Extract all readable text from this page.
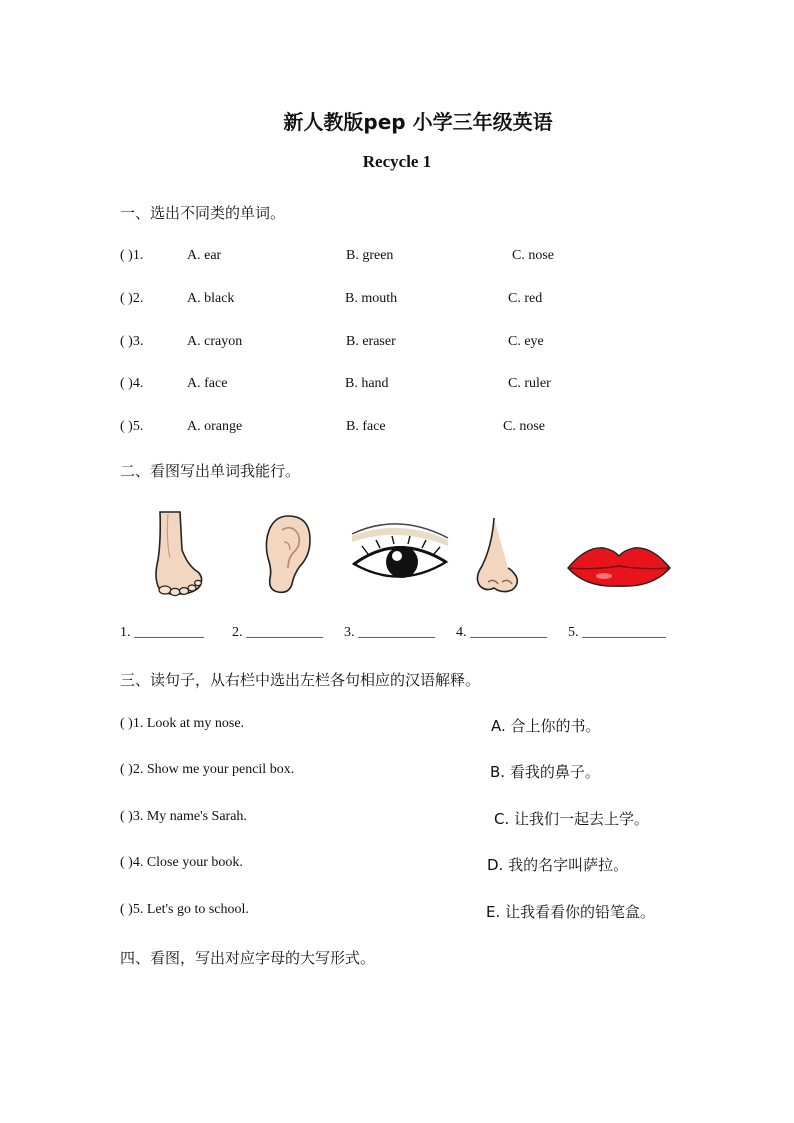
新人教版pep 小学三年级英语
Recycle 1
一、选出不同类的单词。
( )1.	A. ear	B. green	C. nose
( )2.	A. black	B. mouth	C. red
( )3.	A. crayon	B. eraser	C. eye
( )4.	A. face	B. hand	C. ruler
( )5.	A. orange	B. face	C. nose
二、看图写出单词我能行。
1. __________ 2. ___________ 3. ___________ 4. ___________ 5. ____________
三、读句子，从右栏中选出左栏各句相应的汉语解释。
( )1. Look at my nose.	A. 合上你的书。
( )2. Show me your pencil box.	B. 看我的鼻子。
( )3. My name's Sarah.	C. 让我们一起去上学。
( )4. Close your book.	D. 我的名字叫萨拉。
( )5. Let's go to school.	E. 让我看看你的铅笔盒。
四、看图，写出对应字母的大写形式。
